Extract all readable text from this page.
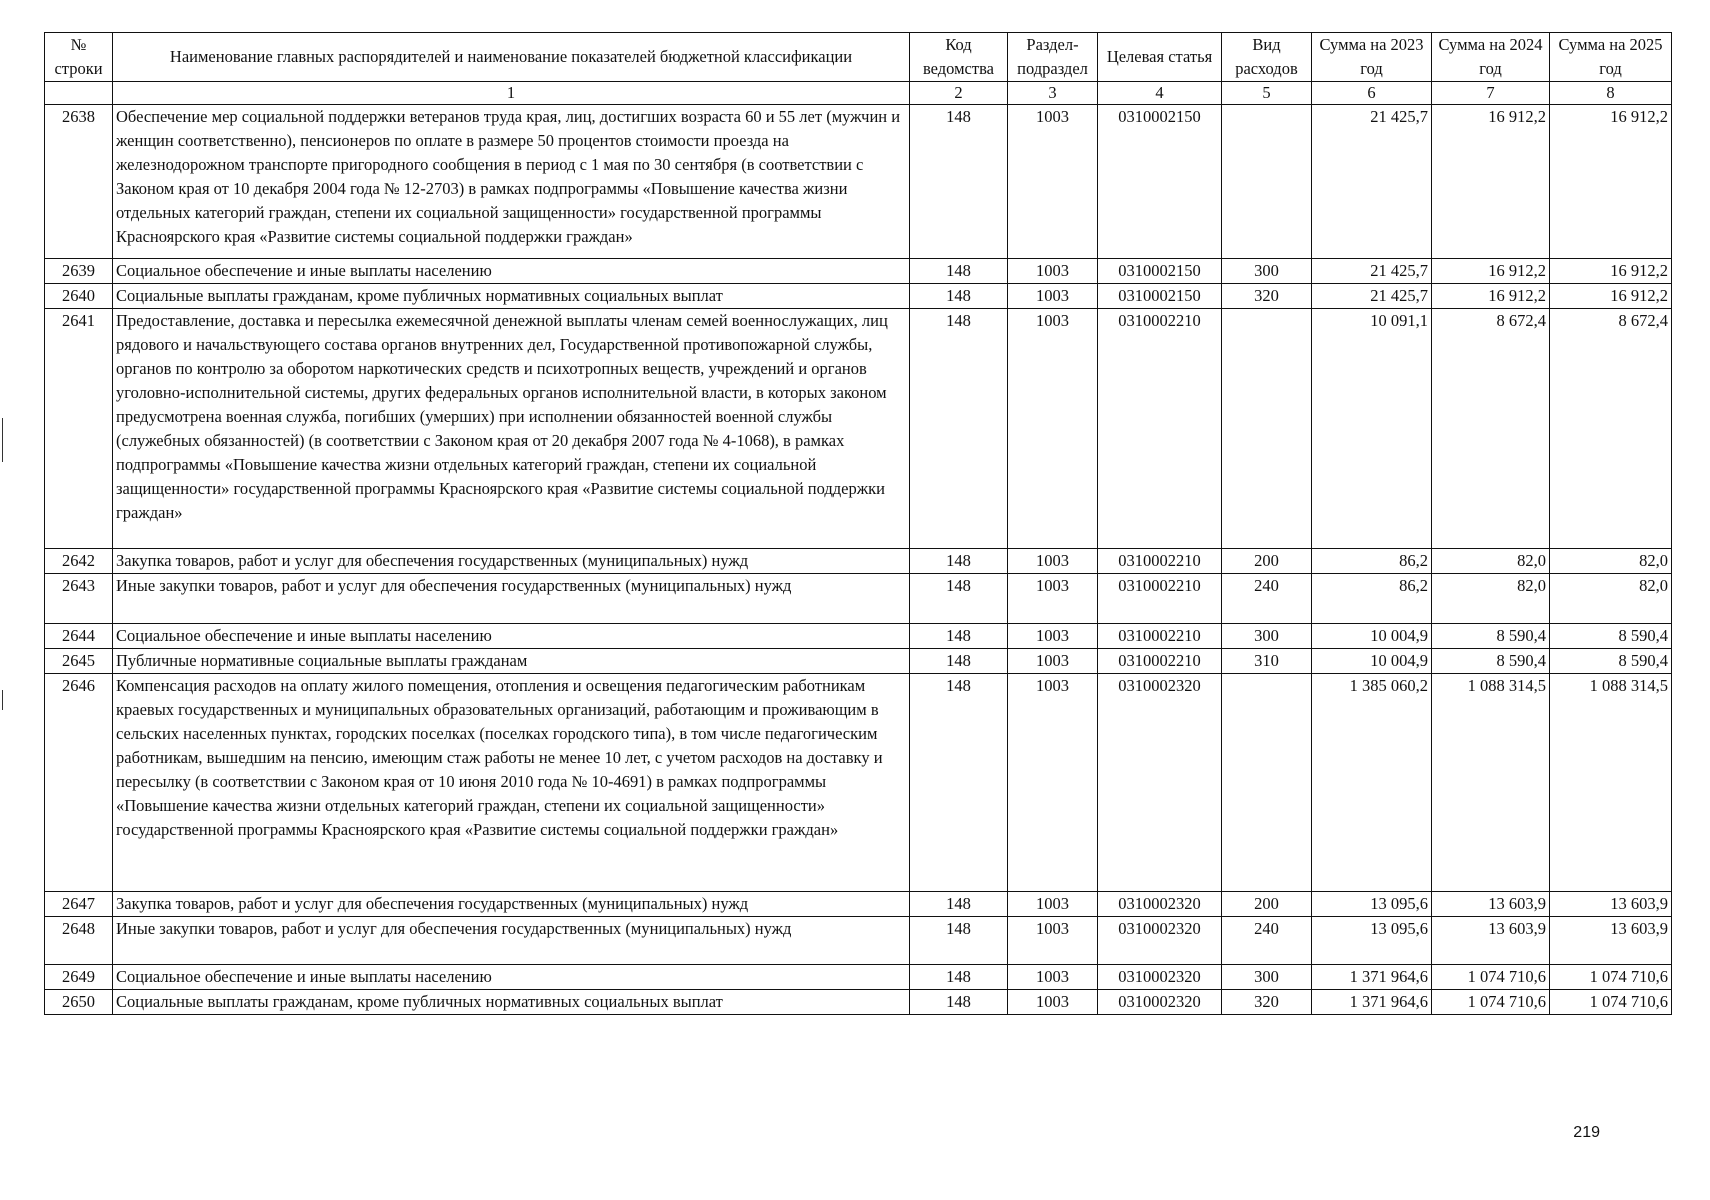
№ строки	Наименование главных распорядителей и наименование показателей бюджетной классификации	Код ведомства	Раздел-подраздел	Целевая статья	Вид расходов	Сумма на 2023 год	Сумма на 2024 год	Сумма на 2025 год
	1	2	3	4	5	6	7	8
2638	Обеспечение мер социальной поддержки ветеранов труда края, лиц, достигших возраста 60 и 55 лет (мужчин и женщин соответственно), пенсионеров по оплате в размере 50 процентов стоимости проезда на железнодорожном транспорте пригородного сообщения в период с 1 мая по 30 сентября (в соответствии с Законом края от 10 декабря 2004 года № 12-2703) в рамках подпрограммы «Повышение качества жизни отдельных категорий граждан, степени их социальной защищенности» государственной программы Красноярского края «Развитие системы социальной поддержки граждан»	148	1003	0310002150		21 425,7	16 912,2	16 912,2
2639	Социальное обеспечение и иные выплаты населению	148	1003	0310002150	300	21 425,7	16 912,2	16 912,2
2640	Социальные выплаты гражданам, кроме публичных нормативных социальных выплат	148	1003	0310002150	320	21 425,7	16 912,2	16 912,2
2641	Предоставление, доставка и пересылка ежемесячной денежной выплаты членам семей военнослужащих, лиц рядового и начальствующего состава органов внутренних дел, Государственной противопожарной службы, органов по контролю за оборотом наркотических средств и психотропных веществ, учреждений и органов уголовно-исполнительной системы, других федеральных органов исполнительной власти, в которых законом предусмотрена военная служба, погибших (умерших) при исполнении обязанностей военной службы (служебных обязанностей) (в соответствии с Законом края от 20 декабря 2007 года № 4-1068), в рамках подпрограммы «Повышение качества жизни отдельных категорий граждан, степени их социальной защищенности» государственной программы Красноярского края «Развитие системы социальной поддержки граждан»	148	1003	0310002210		10 091,1	8 672,4	8 672,4
2642	Закупка товаров, работ и услуг для обеспечения государственных (муниципальных) нужд	148	1003	0310002210	200	86,2	82,0	82,0
2643	Иные закупки товаров, работ и услуг для обеспечения государственных (муниципальных) нужд	148	1003	0310002210	240	86,2	82,0	82,0
2644	Социальное обеспечение и иные выплаты населению	148	1003	0310002210	300	10 004,9	8 590,4	8 590,4
2645	Публичные нормативные социальные выплаты гражданам	148	1003	0310002210	310	10 004,9	8 590,4	8 590,4
2646	Компенсация расходов на оплату жилого помещения, отопления и освещения педагогическим работникам краевых государственных и муниципальных образовательных организаций, работающим и проживающим в сельских населенных пунктах, городских поселках (поселках городского типа), в том числе педагогическим работникам, вышедшим на пенсию, имеющим стаж работы не менее 10 лет, с учетом расходов на доставку и пересылку (в соответствии с Законом края от 10 июня 2010 года № 10-4691) в рамках подпрограммы «Повышение качества жизни отдельных категорий граждан, степени их социальной защищенности» государственной программы Красноярского края «Развитие системы социальной поддержки граждан»	148	1003	0310002320		1 385 060,2	1 088 314,5	1 088 314,5
2647	Закупка товаров, работ и услуг для обеспечения государственных (муниципальных) нужд	148	1003	0310002320	200	13 095,6	13 603,9	13 603,9
2648	Иные закупки товаров, работ и услуг для обеспечения государственных (муниципальных) нужд	148	1003	0310002320	240	13 095,6	13 603,9	13 603,9
2649	Социальное обеспечение и иные выплаты населению	148	1003	0310002320	300	1 371 964,6	1 074 710,6	1 074 710,6
2650	Социальные выплаты гражданам, кроме публичных нормативных социальных выплат	148	1003	0310002320	320	1 371 964,6	1 074 710,6	1 074 710,6
219
